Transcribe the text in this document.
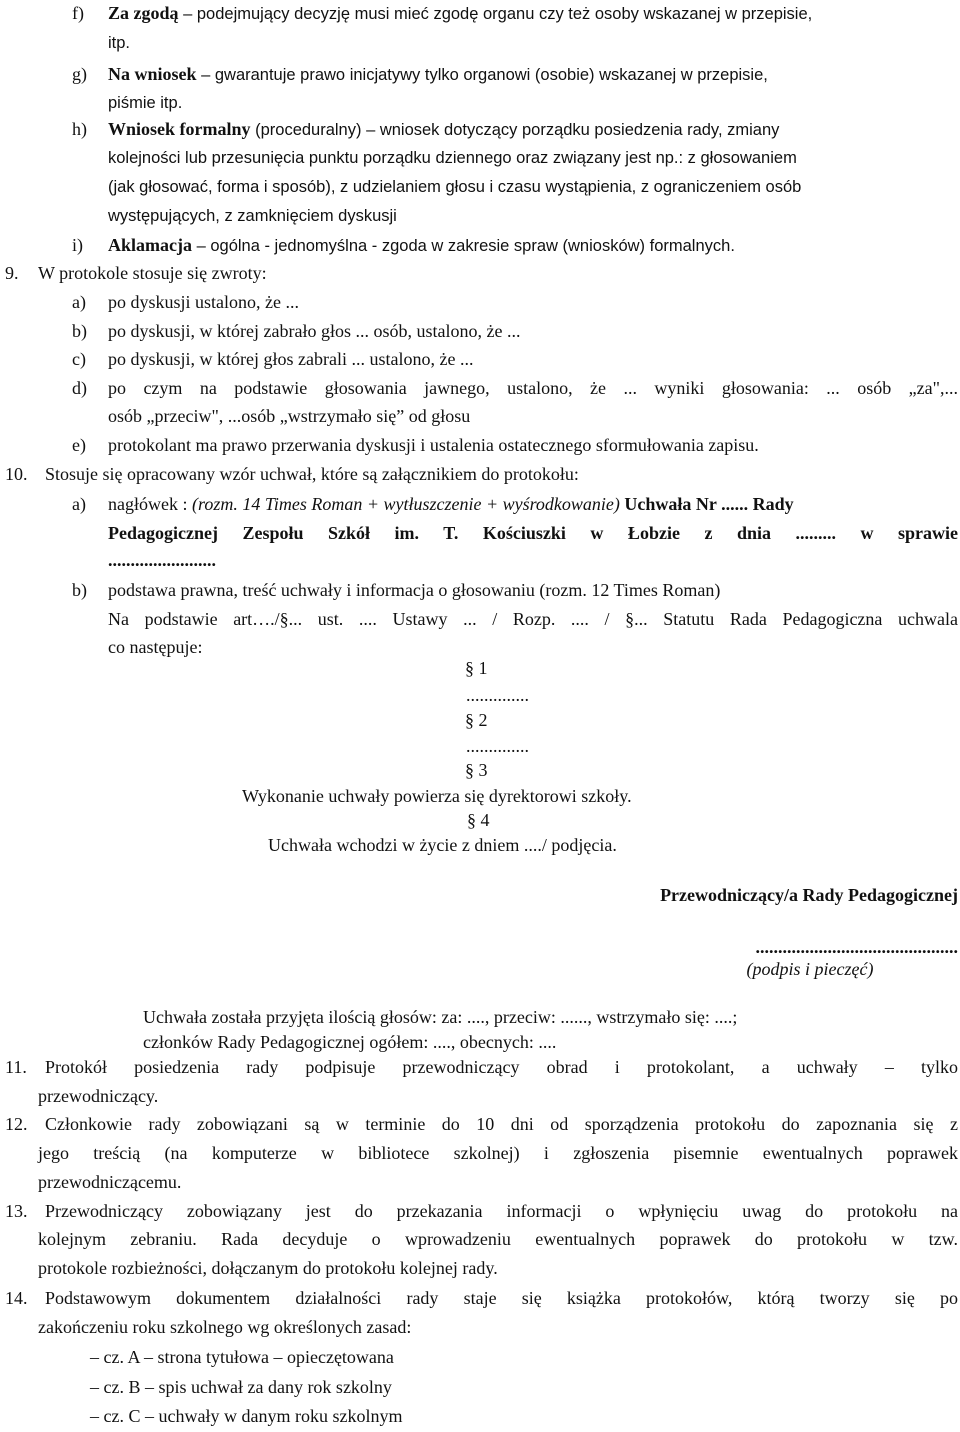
f) Za zgodą – podejmujący decyzję musi mieć zgodę organu czy też osoby wskazanej w przepisie,
itp.
g) Na wniosek – gwarantuje prawo inicjatywy tylko organowi (osobie) wskazanej w przepisie,
piśmie itp.
h) Wniosek formalny (proceduralny) – wniosek dotyczący porządku posiedzenia rady, zmiany
kolejności lub przesunięcia punktu porządku dziennego oraz związany jest np.: z głosowaniem
(jak głosować, forma i sposób), z udzielaniem głosu i czasu wystąpienia, z ograniczeniem osób
występujących, z zamknięciem dyskusji
i) Aklamacja – ogólna - jednomyślna - zgoda w zakresie spraw (wniosków) formalnych.
9. W protokole stosuje się zwroty:
a) po dyskusji ustalono, że ...
b) po dyskusji, w której zabrało głos ... osób, ustalono, że ...
c) po dyskusji, w której głos zabrali ... ustalono, że ...
d) po czym na podstawie głosowania jawnego, ustalono, że ... wyniki głosowania: ... osób „za",...
osób „przeciw", ...osób „wstrzymało się” od głosu
e) protokolant ma prawo przerwania dyskusji i ustalenia ostatecznego sformułowania zapisu.
10. Stosuje się opracowany wzór uchwał, które są załącznikiem do protokołu:
a) nagłówek : (rozm. 14 Times Roman + wytłuszczenie + wyśrodkowanie) Uchwała Nr ...... Rady
Pedagogicznej Zespołu Szkół im. T. Kościuszki w Łobzie z dnia ......... w sprawie
........................
b) podstawa prawna, treść uchwały i informacja o głosowaniu (rozm. 12 Times Roman)
Na podstawie art…./§... ust. .... Ustawy ... / Rozp. .... / §... Statutu Rada Pedagogiczna uchwala
co następuje:
§ 1
..............
§ 2
..............
§ 3
Wykonanie uchwały powierza się dyrektorowi szkoły.
§ 4
Uchwała wchodzi w życie z dniem ..../ podjęcia.
Przewodniczący/a Rady Pedagogicznej
.............................................
(podpis i pieczęć)
Uchwała została przyjęta ilością głosów: za: ...., przeciw: ......, wstrzymało się: ....;
członków Rady Pedagogicznej ogółem: ...., obecnych: ....
11. Protokół posiedzenia rady podpisuje przewodniczący obrad i protokolant, a uchwały – tylko
przewodniczący.
12. Członkowie rady zobowiązani są w terminie do 10 dni od sporządzenia protokołu do zapoznania się z
jego treścią (na komputerze w bibliotece szkolnej) i zgłoszenia pisemnie ewentualnych poprawek
przewodniczącemu.
13. Przewodniczący zobowiązany jest do przekazania informacji o wpłynięciu uwag do protokołu na
kolejnym zebraniu. Rada decyduje o wprowadzeniu ewentualnych poprawek do protokołu w tzw.
protokole rozbieżności, dołączanym do protokołu kolejnej rady.
14. Podstawowym dokumentem działalności rady staje się książka protokołów, którą tworzy się po
zakończeniu roku szkolnego wg określonych zasad:
– cz. A – strona tytułowa – opieczętowana
– cz. B – spis uchwał za dany rok szkolny
– cz. C – uchwały w danym roku szkolnym
